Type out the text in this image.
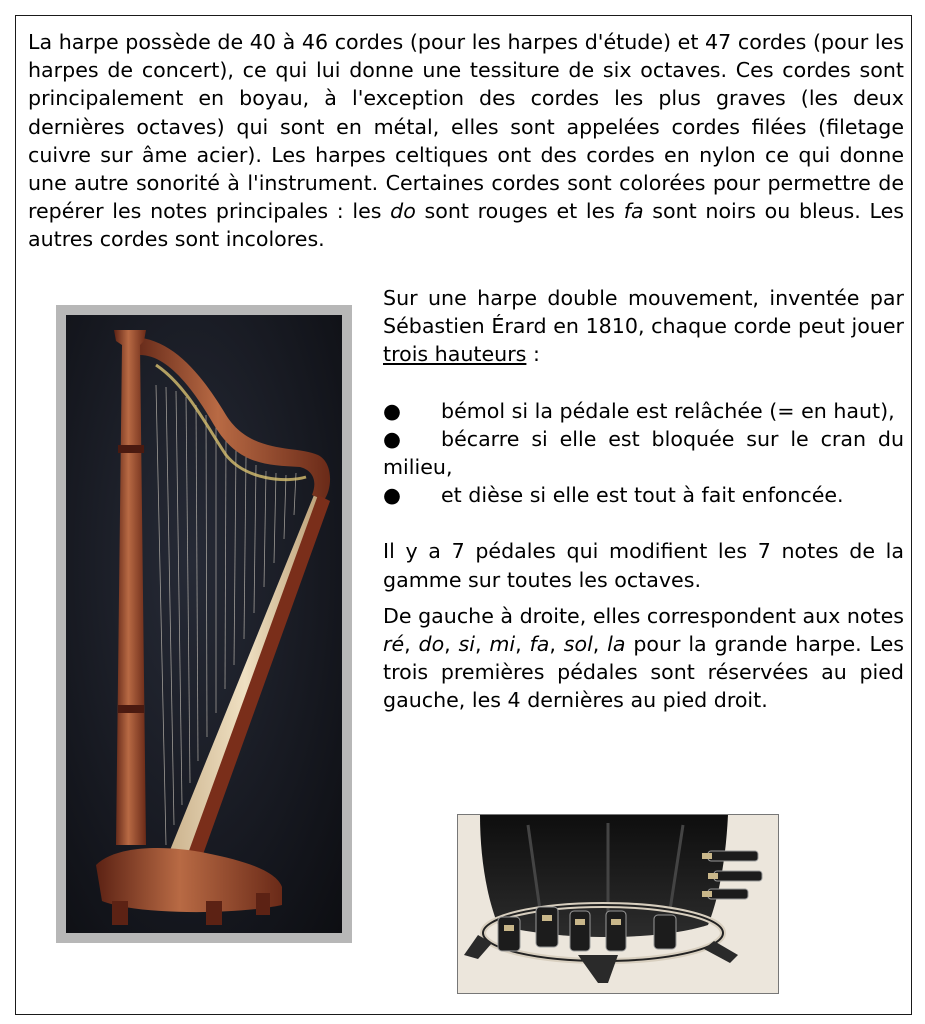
La harpe possède de 40 à 46 cordes (pour les harpes d'étude) et 47 cordes (pour les harpes de concert), ce qui lui donne une tessiture de six octaves. Ces cordes sont principalement en boyau, à l'exception des cordes les plus graves (les deux dernières octaves) qui sont en métal, elles sont appelées cordes filées (filetage cuivre sur âme acier). Les harpes celtiques ont des cordes en nylon ce qui donne une autre sonorité à l'instrument. Certaines cordes sont colorées pour permettre de repérer les notes principales : les do sont rouges et les fa sont noirs ou bleus. Les autres cordes sont incolores.

Sur une harpe double mouvement, inventée par Sébastien Érard en 1810, chaque corde peut jouer trois hauteurs :

● bémol si la pédale est relâchée (= en haut),
● bécarre si elle est bloquée sur le cran du milieu,
● et dièse si elle est tout à fait enfoncée.

Il y a 7 pédales qui modifient les 7 notes de la gamme sur toutes les octaves.

De gauche à droite, elles correspondent aux notes ré, do, si, mi, fa, sol, la pour la grande harpe. Les trois premières pédales sont réservées au pied gauche, les 4 dernières au pied droit.
